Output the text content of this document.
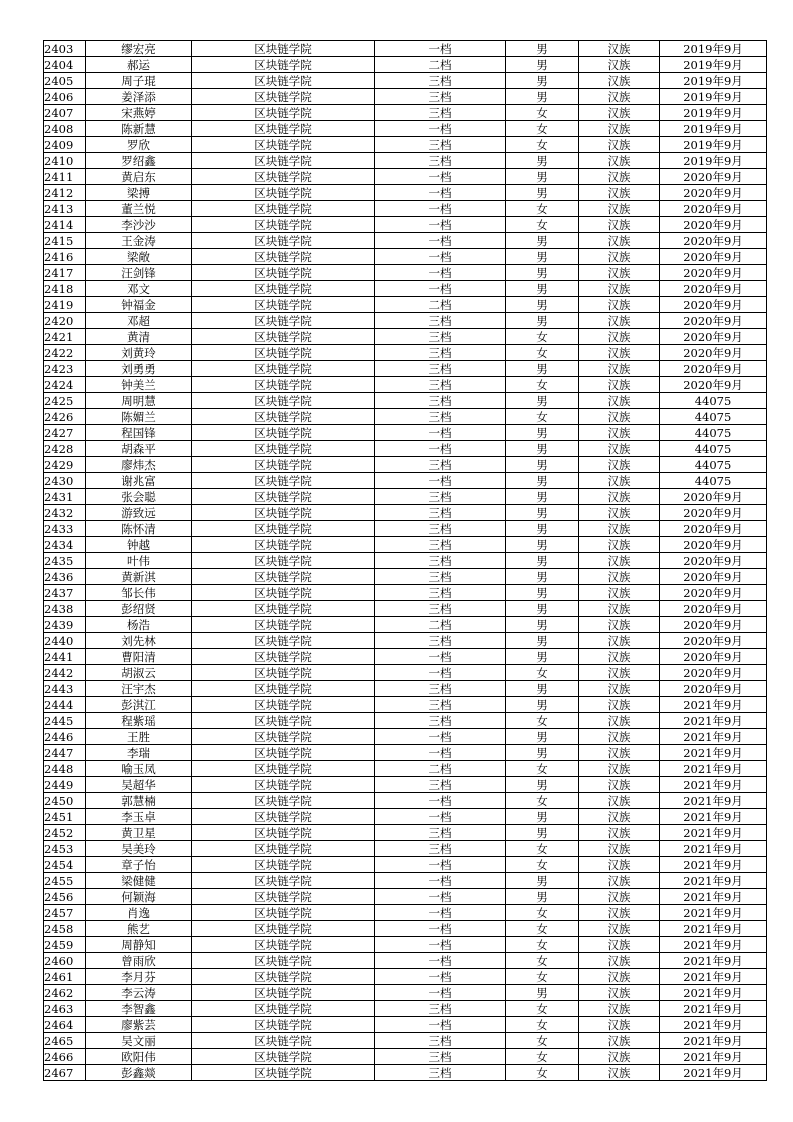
2403	缪宏亮	区块链学院	一档	男	汉族	2019年9月
2404	郝运	区块链学院	二档	男	汉族	2019年9月
2405	周子琨	区块链学院	三档	男	汉族	2019年9月
2406	姜泽添	区块链学院	三档	男	汉族	2019年9月
2407	宋燕婷	区块链学院	三档	女	汉族	2019年9月
2408	陈新慧	区块链学院	一档	女	汉族	2019年9月
2409	罗欣	区块链学院	三档	女	汉族	2019年9月
2410	罗绍鑫	区块链学院	三档	男	汉族	2019年9月
2411	黄启东	区块链学院	一档	男	汉族	2020年9月
2412	梁搏	区块链学院	一档	男	汉族	2020年9月
2413	董兰悦	区块链学院	一档	女	汉族	2020年9月
2414	李沙沙	区块链学院	一档	女	汉族	2020年9月
2415	王金涛	区块链学院	一档	男	汉族	2020年9月
2416	梁敞	区块链学院	一档	男	汉族	2020年9月
2417	汪剑锋	区块链学院	一档	男	汉族	2020年9月
2418	邓文	区块链学院	一档	男	汉族	2020年9月
2419	钟福金	区块链学院	二档	男	汉族	2020年9月
2420	邓超	区块链学院	三档	男	汉族	2020年9月
2421	黄清	区块链学院	三档	女	汉族	2020年9月
2422	刘黄玲	区块链学院	三档	女	汉族	2020年9月
2423	刘勇勇	区块链学院	三档	男	汉族	2020年9月
2424	钟美兰	区块链学院	三档	女	汉族	2020年9月
2425	周明慧	区块链学院	三档	男	汉族	44075
2426	陈媚兰	区块链学院	三档	女	汉族	44075
2427	程国锋	区块链学院	一档	男	汉族	44075
2428	胡森平	区块链学院	一档	男	汉族	44075
2429	廖炜杰	区块链学院	三档	男	汉族	44075
2430	谢兆富	区块链学院	一档	男	汉族	44075
2431	张会聪	区块链学院	三档	男	汉族	2020年9月
2432	游致远	区块链学院	三档	男	汉族	2020年9月
2433	陈怀清	区块链学院	三档	男	汉族	2020年9月
2434	钟越	区块链学院	三档	男	汉族	2020年9月
2435	叶伟	区块链学院	三档	男	汉族	2020年9月
2436	黄新淇	区块链学院	三档	男	汉族	2020年9月
2437	邹长伟	区块链学院	三档	男	汉族	2020年9月
2438	彭绍贤	区块链学院	三档	男	汉族	2020年9月
2439	杨浩	区块链学院	二档	男	汉族	2020年9月
2440	刘先林	区块链学院	三档	男	汉族	2020年9月
2441	曹阳清	区块链学院	一档	男	汉族	2020年9月
2442	胡淑云	区块链学院	一档	女	汉族	2020年9月
2443	汪宇杰	区块链学院	三档	男	汉族	2020年9月
2444	彭淇江	区块链学院	三档	男	汉族	2021年9月
2445	程紫瑶	区块链学院	三档	女	汉族	2021年9月
2446	王胜	区块链学院	一档	男	汉族	2021年9月
2447	李瑞	区块链学院	一档	男	汉族	2021年9月
2448	喻玉凤	区块链学院	二档	女	汉族	2021年9月
2449	吴超华	区块链学院	三档	男	汉族	2021年9月
2450	郭慧楠	区块链学院	一档	女	汉族	2021年9月
2451	李玉卓	区块链学院	一档	男	汉族	2021年9月
2452	黄卫星	区块链学院	三档	男	汉族	2021年9月
2453	吴美玲	区块链学院	三档	女	汉族	2021年9月
2454	章子怡	区块链学院	一档	女	汉族	2021年9月
2455	梁健健	区块链学院	一档	男	汉族	2021年9月
2456	何颖海	区块链学院	一档	男	汉族	2021年9月
2457	肖逸	区块链学院	一档	女	汉族	2021年9月
2458	熊艺	区块链学院	一档	女	汉族	2021年9月
2459	周静知	区块链学院	一档	女	汉族	2021年9月
2460	曾雨欣	区块链学院	一档	女	汉族	2021年9月
2461	李月芬	区块链学院	一档	女	汉族	2021年9月
2462	李云涛	区块链学院	一档	男	汉族	2021年9月
2463	李智鑫	区块链学院	三档	女	汉族	2021年9月
2464	廖紫芸	区块链学院	一档	女	汉族	2021年9月
2465	吴文丽	区块链学院	三档	女	汉族	2021年9月
2466	欧阳伟	区块链学院	三档	女	汉族	2021年9月
2467	彭鑫燚	区块链学院	三档	女	汉族	2021年9月
